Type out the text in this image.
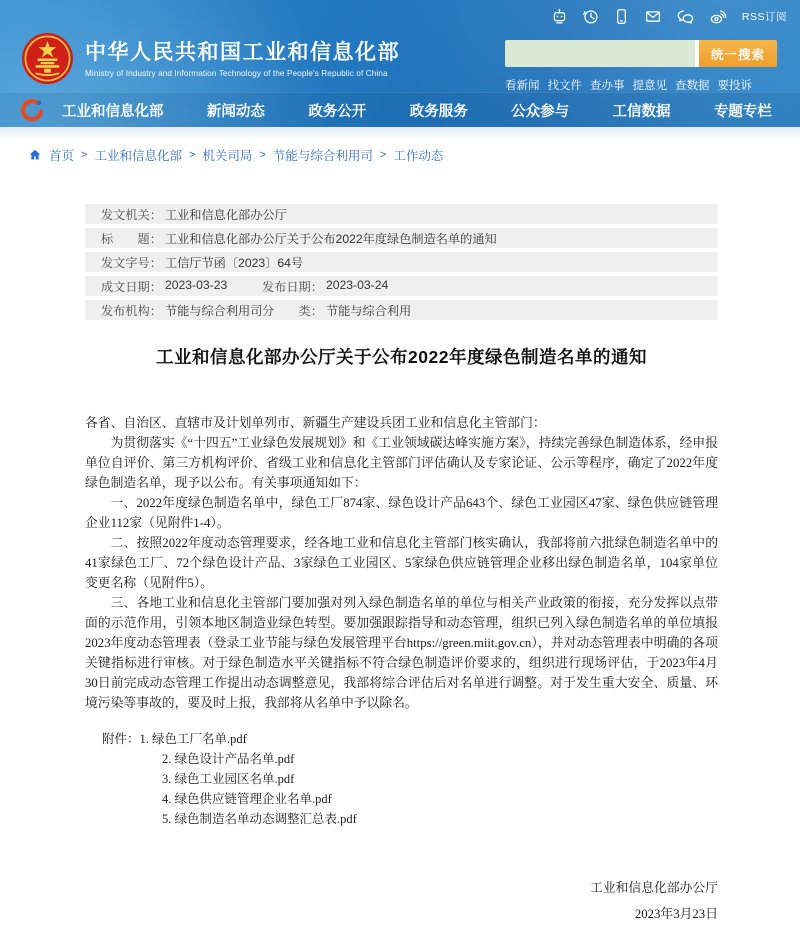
RSS订阅
中华人民共和国工业和信息化部
Ministry of Industry and Information Technology of the People's Republic of China
统一搜索
看新闻 找文件 查办事 提意见 查数据 要投诉
工业和信息化部	新闻动态	政务公开	政务服务	公众参与	工信数据	专题专栏
首页 > 工业和信息化部 > 机关司局 > 节能与综合利用司 > 工作动态
发文机关： 工业和信息化部办公厅
标　　题： 工业和信息化部办公厅关于公布2022年度绿色制造名单的通知
发文字号： 工信厅节函〔2023〕64号
成文日期： 2023-03-23	发布日期： 2023-03-24
发布机构： 节能与综合利用司 分　　类： 节能与综合利用
工业和信息化部办公厅关于公布2022年度绿色制造名单的通知

各省、自治区、直辖市及计划单列市、新疆生产建设兵团工业和信息化主管部门：

为贯彻落实《“十四五”工业绿色发展规划》和《工业领域碳达峰实施方案》，持续完善绿色制造体系，经申报单位自评价、第三方机构评价、省级工业和信息化主管部门评估确认及专家论证、公示等程序，确定了2022年度绿色制造名单，现予以公布。有关事项通知如下：

一、2022年度绿色制造名单中，绿色工厂874家、绿色设计产品643个、绿色工业园区47家、绿色供应链管理企业112家（见附件1-4）。

二、按照2022年度动态管理要求，经各地工业和信息化主管部门核实确认，我部将前六批绿色制造名单中的41家绿色工厂、72个绿色设计产品、3家绿色工业园区、5家绿色供应链管理企业移出绿色制造名单，104家单位变更名称（见附件5）。

三、各地工业和信息化主管部门要加强对列入绿色制造名单的单位与相关产业政策的衔接，充分发挥以点带面的示范作用，引领本地区制造业绿色转型。要加强跟踪指导和动态管理，组织已列入绿色制造名单的单位填报2023年度动态管理表（登录工业节能与绿色发展管理平台https://green.miit.gov.cn），并对动态管理表中明确的各项关键指标进行审核。对于绿色制造水平关键指标不符合绿色制造评价要求的，组织进行现场评估，于2023年4月30日前完成动态管理工作提出动态调整意见，我部将综合评估后对名单进行调整。对于发生重大安全、质量、环境污染等事故的，要及时上报，我部将从名单中予以除名。

附件：1. 绿色工厂名单.pdf
2. 绿色设计产品名单.pdf
3. 绿色工业园区名单.pdf
4. 绿色供应链管理企业名单.pdf
5. 绿色制造名单动态调整汇总表.pdf
工业和信息化部办公厅
2023年3月23日
